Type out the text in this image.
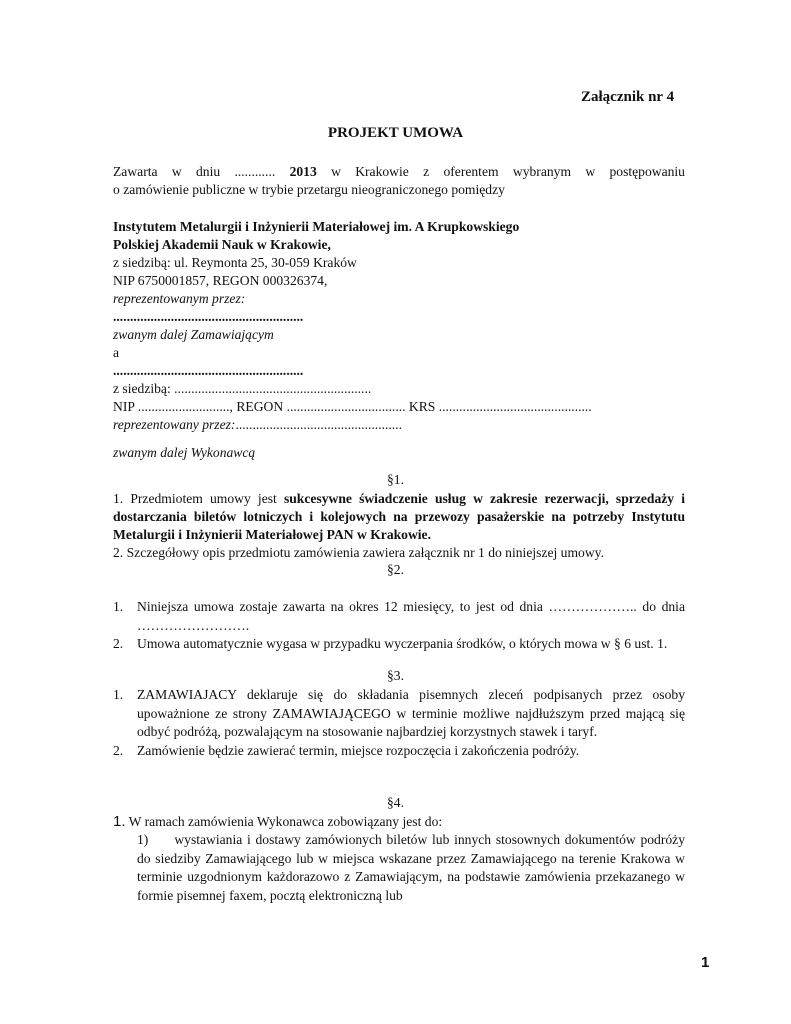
Załącznik nr 4
PROJEKT UMOWA
Zawarta w dniu ............ 2013 w Krakowie z oferentem wybranym w postępowaniu
o zamówienie publiczne w trybie przetargu nieograniczonego pomiędzy
Instytutem Metalurgii i Inżynierii Materiałowej im. A Krupkowskiego
Polskiej Akademii Nauk w Krakowie,
z siedzibą: ul. Reymonta 25, 30-059 Kraków
NIP 6750001857, REGON 000326374,
reprezentowanym przez:
........................................................
zwanym dalej Zamawiającym
a
........................................................
z siedzibą: ..........................................................
NIP ..........................., REGON ................................... KRS .............................................
reprezentowany przez:.................................................
zwanym dalej Wykonawcą
§1.
1. Przedmiotem umowy jest sukcesywne świadczenie usług w zakresie rezerwacji, sprzedaży i
dostarczania biletów lotniczych i kolejowych na przewozy pasażerskie na potrzeby Instytutu
Metalurgii i Inżynierii Materiałowej PAN w Krakowie.
2. Szczegółowy opis przedmiotu zamówienia zawiera załącznik nr 1 do niniejszej umowy.
§2.
1. Niniejsza umowa zostaje zawarta na okres 12 miesięcy, to jest od dnia ……………….. do dnia …………………….
2. Umowa automatycznie wygasa w przypadku wyczerpania środków, o których mowa w § 6 ust. 1.
§3.
1. ZAMAWIAJACY deklaruje się do składania pisemnych zleceń podpisanych przez osoby upoważnione ze strony ZAMAWIAJĄCEGO w terminie możliwe najdłuższym przed mającą się odbyć podróżą, pozwalającym na stosowanie najbardziej korzystnych stawek i taryf.
2. Zamówienie będzie zawierać termin, miejsce rozpoczęcia i zakończenia podróży.
§4.
1. W ramach zamówienia Wykonawca zobowiązany jest do:
1) wystawiania i dostawy zamówionych biletów lub innych stosownych dokumentów podróży do siedziby Zamawiającego lub w miejsca wskazane przez Zamawiającego na terenie Krakowa w terminie uzgodnionym każdorazowo z Zamawiającym, na podstawie zamówienia przekazanego w formie pisemnej faxem, pocztą elektroniczną lub
1
